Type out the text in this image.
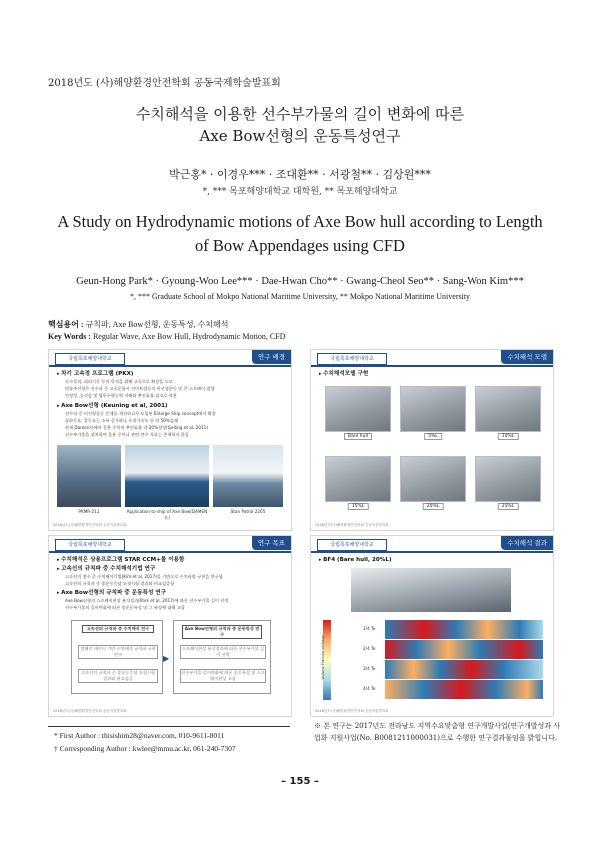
2018년도 (사)해양환경안전학회 공동국제학술발표회
수치해석을 이용한 선수부가물의 길이 변화에 따른
Axe Bow선형의 운동특성연구
박근홍* · 이경우*** · 조대환** · 서광철** · 김상원***
*, *** 목포해양대학교 대학원, ** 목포해양대학교
A Study on Hydrodynamic motions of Axe Bow hull according to Length
of Bow Appendages using CFD
Geun-Hong Park* · Gyoung-Woo Lee*** · Dae-Hwan Cho** · Gwang-Cheol Seo** · Sang-Won Kim***
*, *** Graduate School of Mokpo National Maritime University, ** Mokpo National Maritime University
핵심용어 : 규칙파, Axe Bow선형, 운동특성, 수치해석
Key Words : Regular Wave, Axe Bow Hull, Hydrodynamic Motion, CFD
국립목포해양대학교	연구 배경
▸ 차기 고속정 프로그램 (PKX)
독수목적, 회피기동 등의 목적을 위해 고속으로 확장을 도모
빈톨주선형은 선수파 중 고속운항시 선미트림등의 비선형운동 및 큰 스프레이 발생
안정성 ,승선감 및 임무수행능력 저해와 추진효율 감소로 작용
▸ Axe Bow선형 (Keuning et al, 2001)
선수파 중 비선형운동 문제를 개선하고자 도입된 Enlarge Ship concept에서 확장
상하동요, 종동요는 소폭 증가하나 수직가속도 등 약 50%감쇄
현재 Damen사에서 운용 중이며 추진효율 약 20%향상(Gelling et al, 2011)
선수부가물을 설치하여 운용 중이나 관련 연구 자료는 존재하지 않음
PKMR-211	Application to ship of Axe Bow(DAMEN社)
Stan Patrol 2205
2018년도(사)해양환경안전학회 공동학술발표회
국립목포해양대학교	수치해석 모델
▸ 수치해석모델 구현
Bare hull	5%L	10%L
15%L	20%L	25%L
2018년도(사)해양환경안전학회 공동학술발표회
국립목포해양대학교	연구 목표
▸ 수치해석은 상용프로그램 STAR CCM+를 이용함
▸ 고속선의 규칙파 중 수치해석기법 연구
고속선의 정수 중 수치해석기법(Kim et al, 2017)을 기반으로 수치파랑 구현을 연구함
고속선의 규칙파 중 종운동응답 모형시험 결과와 비교검증함
▸ Axe Bow선형의 규칙파 중 운동특성 연구
Axe Bow선형의 스프레이현상 분석결과(Park et al, 2017)에 따른 선수부가물 길이 선정
선수부가물의 길이변화에 따른 종운동특성 및 그 특성에 대해 고찰
고속선의 규칙파 중 수치해석 연구
정해진 데이터 기반 수치해석 규칙파 구현 연구
고속선의 규칙파 중 종운동응답 모형시험결과와 비교검증
Axe Bow선형의 규칙파 중 운동특성 연구
스프레이현상 분석결과에 따른 선수부가물 길이 선정
선수부가물 길이변화에 따른 운동특성 및 스프레이현상 고찰
▶
2018년도(사)해양환경안전학회 공동학술발표회
국립목포해양대학교	수치해석 결과
▸ BF4 (Bare hull, 20%L)
Volume Fraction of Water
1/4 Te
2/4 Te
3/4 Te
4/4 Te
2018년도(사)해양환경안전학회 공동학술발표회
* First Author : thisishim28@naver.com, 010-9611-8011
† Corresponding Author : kwlee@mmu.ac.kr, 061-240-7307
※ 본 연구는 2017년도 전라남도 지역수요맞춤형 연구개발사업(연구개발성과 사업화 지원사업(No. B0081211000031)으로 수행한 연구결과물임을 밝힙니다.
– 155 –
